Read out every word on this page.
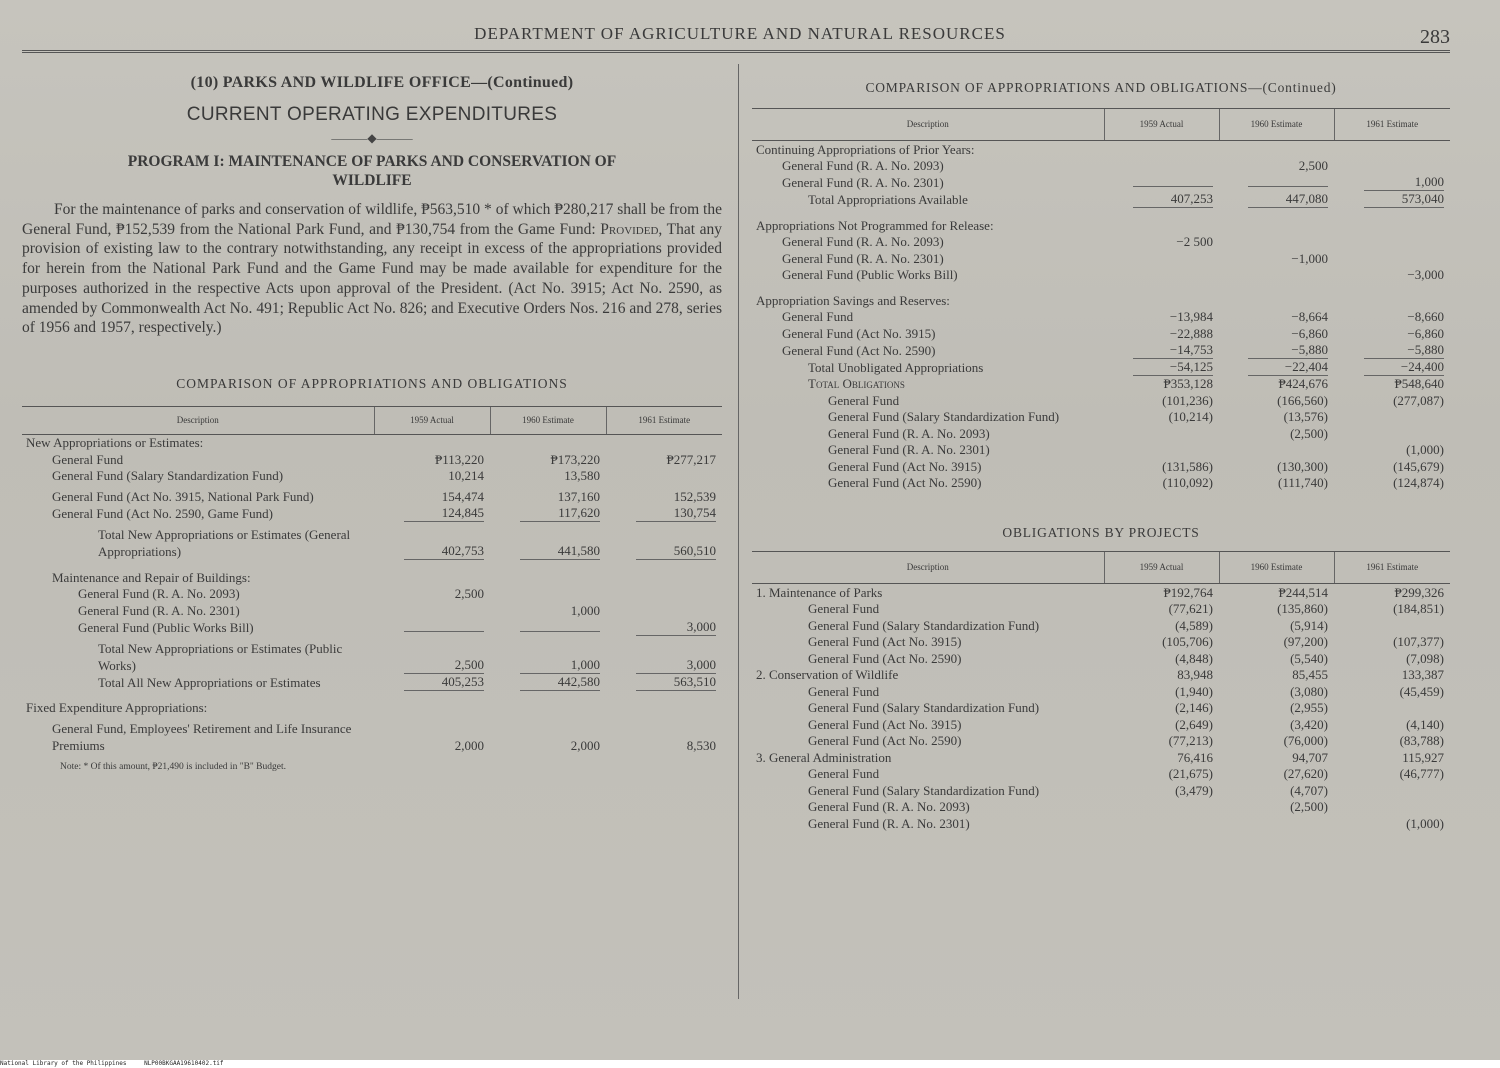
DEPARTMENT OF AGRICULTURE AND NATURAL RESOURCES	283
(10) PARKS AND WILDLIFE OFFICE—(Continued)
CURRENT OPERATING EXPENDITURES
———◆———
PROGRAM I: MAINTENANCE OF PARKS AND CONSERVATION OF WILDLIFE
For the maintenance of parks and conservation of wildlife, ₱563,510 * of which ₱280,217 shall be from the General Fund, ₱152,539 from the National Park Fund, and ₱130,754 from the Game Fund: Provided, That any provision of existing law to the contrary notwithstanding, any receipt in excess of the appropriations provided for herein from the National Park Fund and the Game Fund may be made available for expenditure for the purposes authorized in the respective Acts upon approval of the President. (Act No. 3915; Act No. 2590, as amended by Commonwealth Act No. 491; Republic Act No. 826; and Executive Orders Nos. 216 and 278, series of 1956 and 1957, respectively.)
COMPARISON OF APPROPRIATIONS AND OBLIGATIONS
Description	1959 Actual	1960 Estimate	1961 Estimate
New Appropriations or Estimates:			
General Fund	₱113,220	₱173,220	₱277,217
General Fund (Salary Standardization Fund)	10,214	13,580	
General Fund (Act No. 3915, National Park Fund)	154,474	137,160	152,539
General Fund (Act No. 2590, Game Fund)	124,845	117,620	130,754
Total New Appropriations or Estimates (General Appropriations)	402,753	441,580	560,510

Maintenance and Repair of Buildings:			
General Fund (R. A. No. 2093)	2,500		
General Fund (R. A. No. 2301)		1,000	
General Fund (Public Works Bill)			3,000
Total New Appropriations or Estimates (Public Works)	2,500	1,000	3,000
Total All New Appropriations or Estimates	405,253	442,580	563,510

Fixed Expenditure Appropriations:			
General Fund, Employees' Retirement and Life Insurance Premiums	2,000	2,000	8,530
Note: * Of this amount, ₱21,490 is included in "B" Budget.
COMPARISON OF APPROPRIATIONS AND OBLIGATIONS—(Continued)
Description	1959 Actual	1960 Estimate	1961 Estimate
Continuing Appropriations of Prior Years:			
General Fund (R. A. No. 2093)		2,500	
General Fund (R. A. No. 2301)			1,000
Total Appropriations Available	407,253	447,080	573,040

Appropriations Not Programmed for Release:			
General Fund (R. A. No. 2093)	−2 500		
General Fund (R. A. No. 2301)		−1,000	
General Fund (Public Works Bill)			−3,000

Appropriation Savings and Reserves:			
General Fund	−13,984	−8,664	−8,660
General Fund (Act No. 3915)	−22,888	−6,860	−6,860
General Fund (Act No. 2590)	−14,753	−5,880	−5,880
Total Unobligated Appropriations	−54,125	−22,404	−24,400
Total Obligations	₱353,128	₱424,676	₱548,640
General Fund	(101,236)	(166,560)	(277,087)
General Fund (Salary Standardization Fund)	(10,214)	(13,576)	
General Fund (R. A. No. 2093)		(2,500)	
General Fund (R. A. No. 2301)			(1,000)
General Fund (Act No. 3915)	(131,586)	(130,300)	(145,679)
General Fund (Act No. 2590)	(110,092)	(111,740)	(124,874)
OBLIGATIONS BY PROJECTS
Description	1959 Actual	1960 Estimate	1961 Estimate
1. Maintenance of Parks	₱192,764	₱244,514	₱299,326
General Fund	(77,621)	(135,860)	(184,851)
General Fund (Salary Standardization Fund)	(4,589)	(5,914)	
General Fund (Act No. 3915)	(105,706)	(97,200)	(107,377)
General Fund (Act No. 2590)	(4,848)	(5,540)	(7,098)
2. Conservation of Wildlife	83,948	85,455	133,387
General Fund	(1,940)	(3,080)	(45,459)
General Fund (Salary Standardization Fund)	(2,146)	(2,955)	
General Fund (Act No. 3915)	(2,649)	(3,420)	(4,140)
General Fund (Act No. 2590)	(77,213)	(76,000)	(83,788)
3. General Administration	76,416	94,707	115,927
General Fund	(21,675)	(27,620)	(46,777)
General Fund (Salary Standardization Fund)	(3,479)	(4,707)	
General Fund (R. A. No. 2093)		(2,500)	
General Fund (R. A. No. 2301)			(1,000)
National Library of the Philippines	NLP00BKGAA19610402.tif
